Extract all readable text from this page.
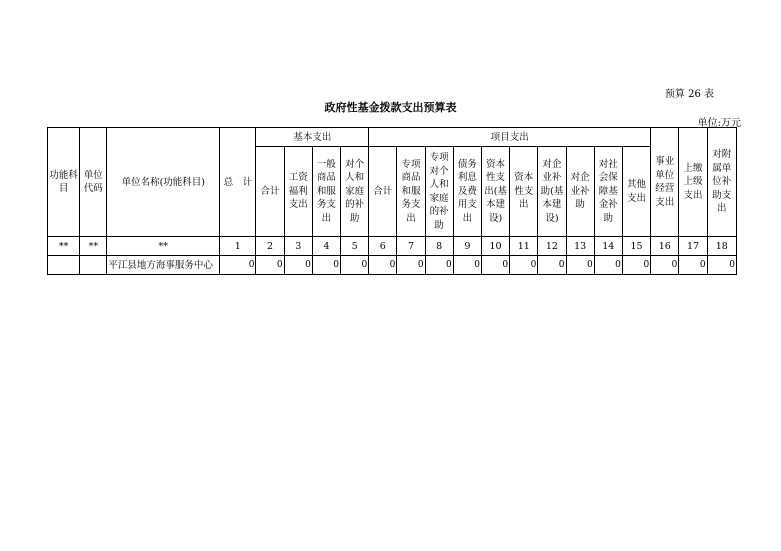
预算 26 表
政府性基金拨款支出预算表
单位:万元
功能科目	单位代码	单位名称(功能科目)	总　计	基本支出				项目支出										事业单位经营支出	上缴上级支出	对附属单位补助支出
				合计	工资福利支出	一般商品和服务支出	对个人和家庭的补助	合计	专项商品和服务支出	专项对个人和家庭的补助	债务利息及费用支出	资本性支出(基本建设)	资本性支出	对企业补助(基本建设)	对企业补助	对社会保障基金补助	其他支出			
**	**	**	1	2	3	4	5	6	7	8	9	10	11	12	13	14	15	16	17	18
		平江县地方海事服务中心	0	0	0	0	0	0	0	0	0	0	0	0	0	0	0	0	0	0
